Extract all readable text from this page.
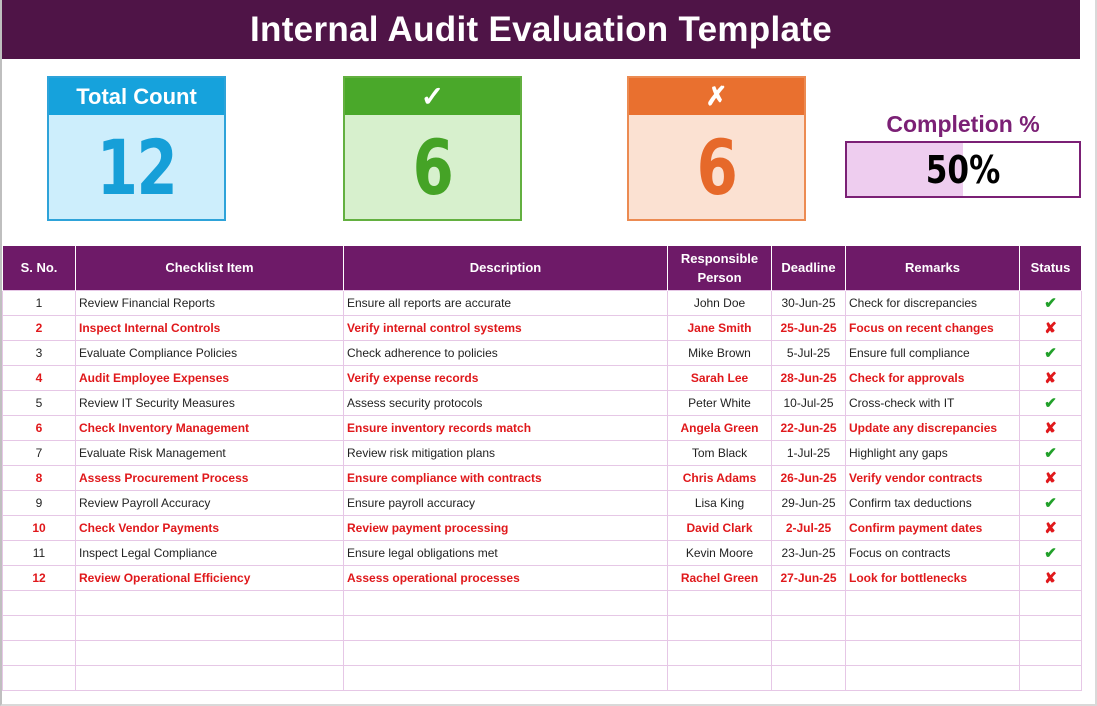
Internal Audit Evaluation Template
Total Count
12
✓
6
✗
6	Completion %
50%
S. No.	Checklist Item	Description	Responsible Person	Deadline	Remarks	Status
1	Review Financial Reports	Ensure all reports are accurate	John Doe	30-Jun-25	Check for discrepancies	✔
2	Inspect Internal Controls	Verify internal control systems	Jane Smith	25-Jun-25	Focus on recent changes	✘
3	Evaluate Compliance Policies	Check adherence to policies	Mike Brown	5-Jul-25	Ensure full compliance	✔
4	Audit Employee Expenses	Verify expense records	Sarah Lee	28-Jun-25	Check for approvals	✘
5	Review IT Security Measures	Assess security protocols	Peter White	10-Jul-25	Cross-check with IT	✔
6	Check Inventory Management	Ensure inventory records match	Angela Green	22-Jun-25	Update any discrepancies	✘
7	Evaluate Risk Management	Review risk mitigation plans	Tom Black	1-Jul-25	Highlight any gaps	✔
8	Assess Procurement Process	Ensure compliance with contracts	Chris Adams	26-Jun-25	Verify vendor contracts	✘
9	Review Payroll Accuracy	Ensure payroll accuracy	Lisa King	29-Jun-25	Confirm tax deductions	✔
10	Check Vendor Payments	Review payment processing	David Clark	2-Jul-25	Confirm payment dates	✘
11	Inspect Legal Compliance	Ensure legal obligations met	Kevin Moore	23-Jun-25	Focus on contracts	✔
12	Review Operational Efficiency	Assess operational processes	Rachel Green	27-Jun-25	Look for bottlenecks	✘
